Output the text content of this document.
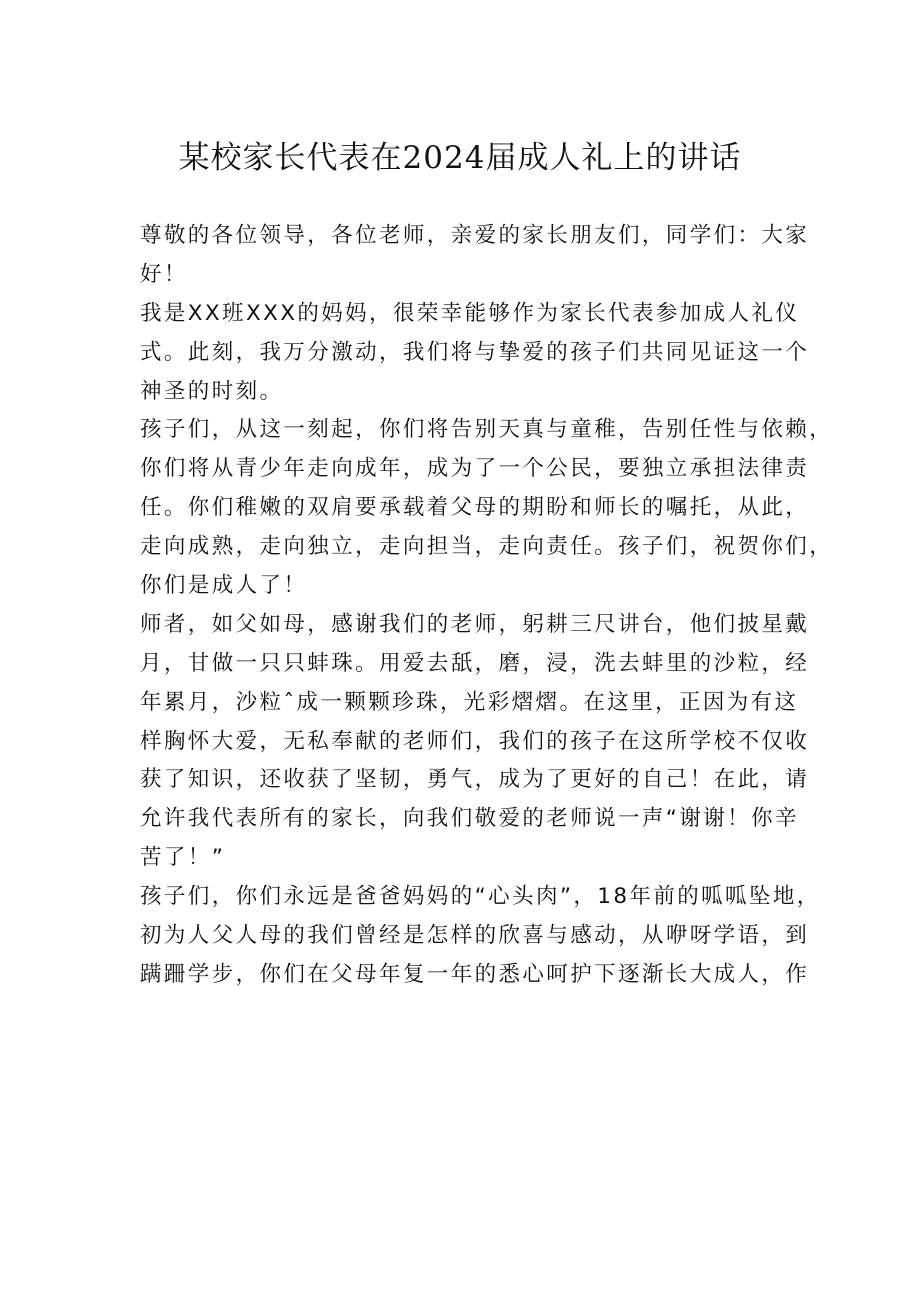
某校家长代表在2024届成人礼上的讲话
尊敬的各位领导，各位老师，亲爱的家长朋友们，同学们：大家
好！
我是XX班XXX的妈妈，很荣幸能够作为家长代表参加成人礼仪
式。此刻，我万分激动，我们将与挚爱的孩子们共同见证这一个
神圣的时刻。
孩子们，从这一刻起，你们将告别天真与童稚，告别任性与依赖，
你们将从青少年走向成年，成为了一个公民，要独立承担法律责
任。你们稚嫩的双肩要承载着父母的期盼和师长的嘱托，从此，
走向成熟，走向独立，走向担当，走向责任。孩子们，祝贺你们，
你们是成人了！
师者，如父如母，感谢我们的老师，躬耕三尺讲台，他们披星戴
月，甘做一只只蚌珠。用爱去舐，磨，浸，洗去蚌里的沙粒，经
年累月，沙粒ˆ成一颗颗珍珠，光彩熠熠。在这里，正因为有这
样胸怀大爱，无私奉献的老师们，我们的孩子在这所学校不仅收
获了知识，还收获了坚韧，勇气，成为了更好的自己！在此，请
允许我代表所有的家长，向我们敬爱的老师说一声“谢谢！你辛
苦了！”
孩子们，你们永远是爸爸妈妈的“心头肉”，18年前的呱呱坠地，
初为人父人母的我们曾经是怎样的欣喜与感动，从咿呀学语，到
蹒跚学步，你们在父母年复一年的悉心呵护下逐渐长大成人，作
